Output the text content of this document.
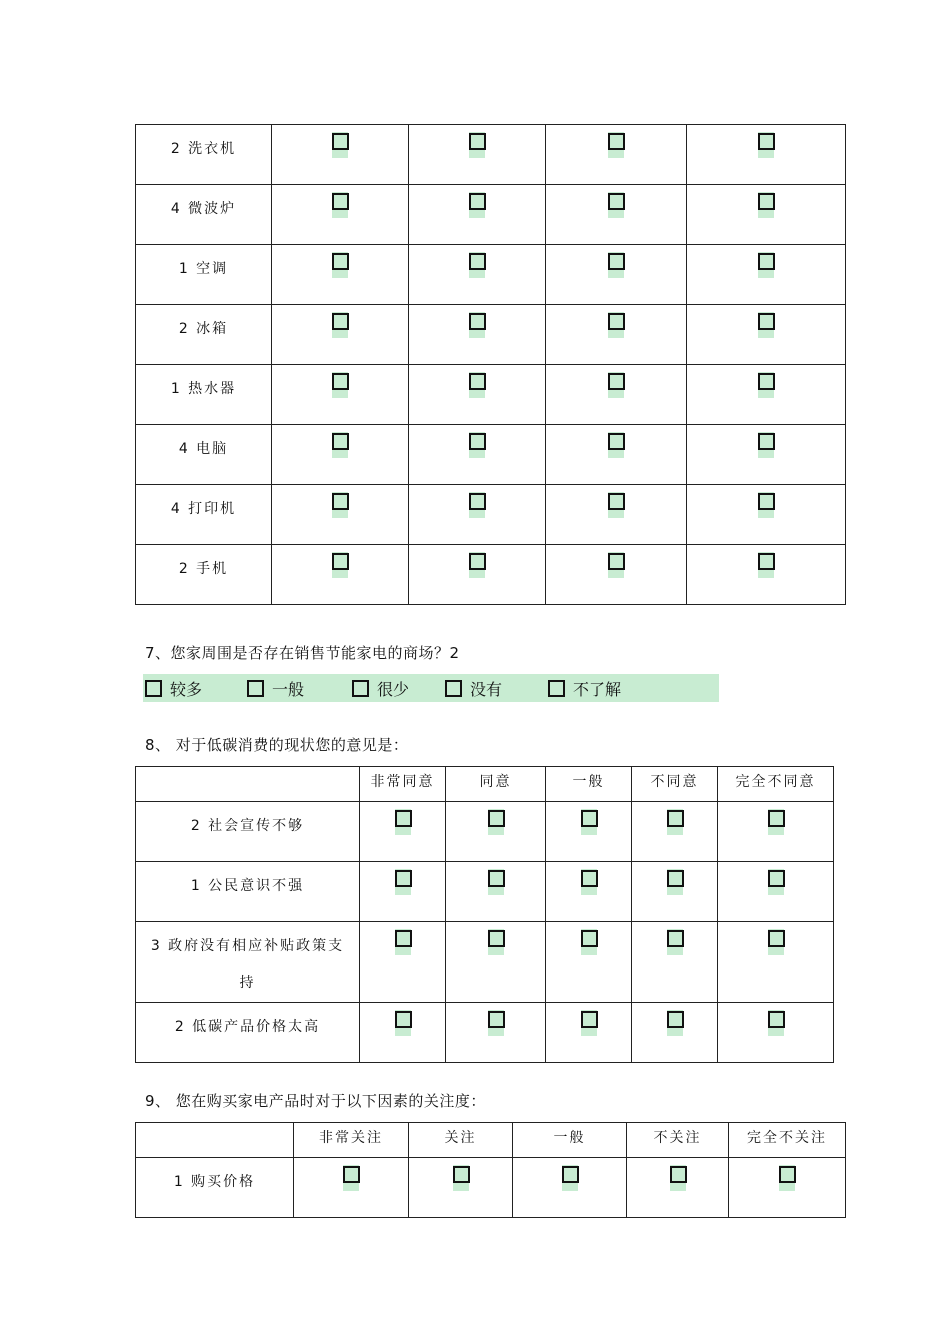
2 洗衣机	

4 微波炉	

1 空调	

2 冰箱	

1 热水器	

4 电脑	

4 打印机	

2 手机	

7、您家周围是否存在销售节能家电的商场？2
较多	一般	很少	没有	不了解
8、 对于低碳消费的现状您的意见是：
	非常同意	同意	一般	不同意	完全不同意
2 社会宣传不够	

1 公民意识不强	

3 政府没有相应补贴政策支持	

2 低碳产品价格太高	

9、 您在购买家电产品时对于以下因素的关注度：
	非常关注	关注	一般	不关注	完全不关注
1 购买价格	
